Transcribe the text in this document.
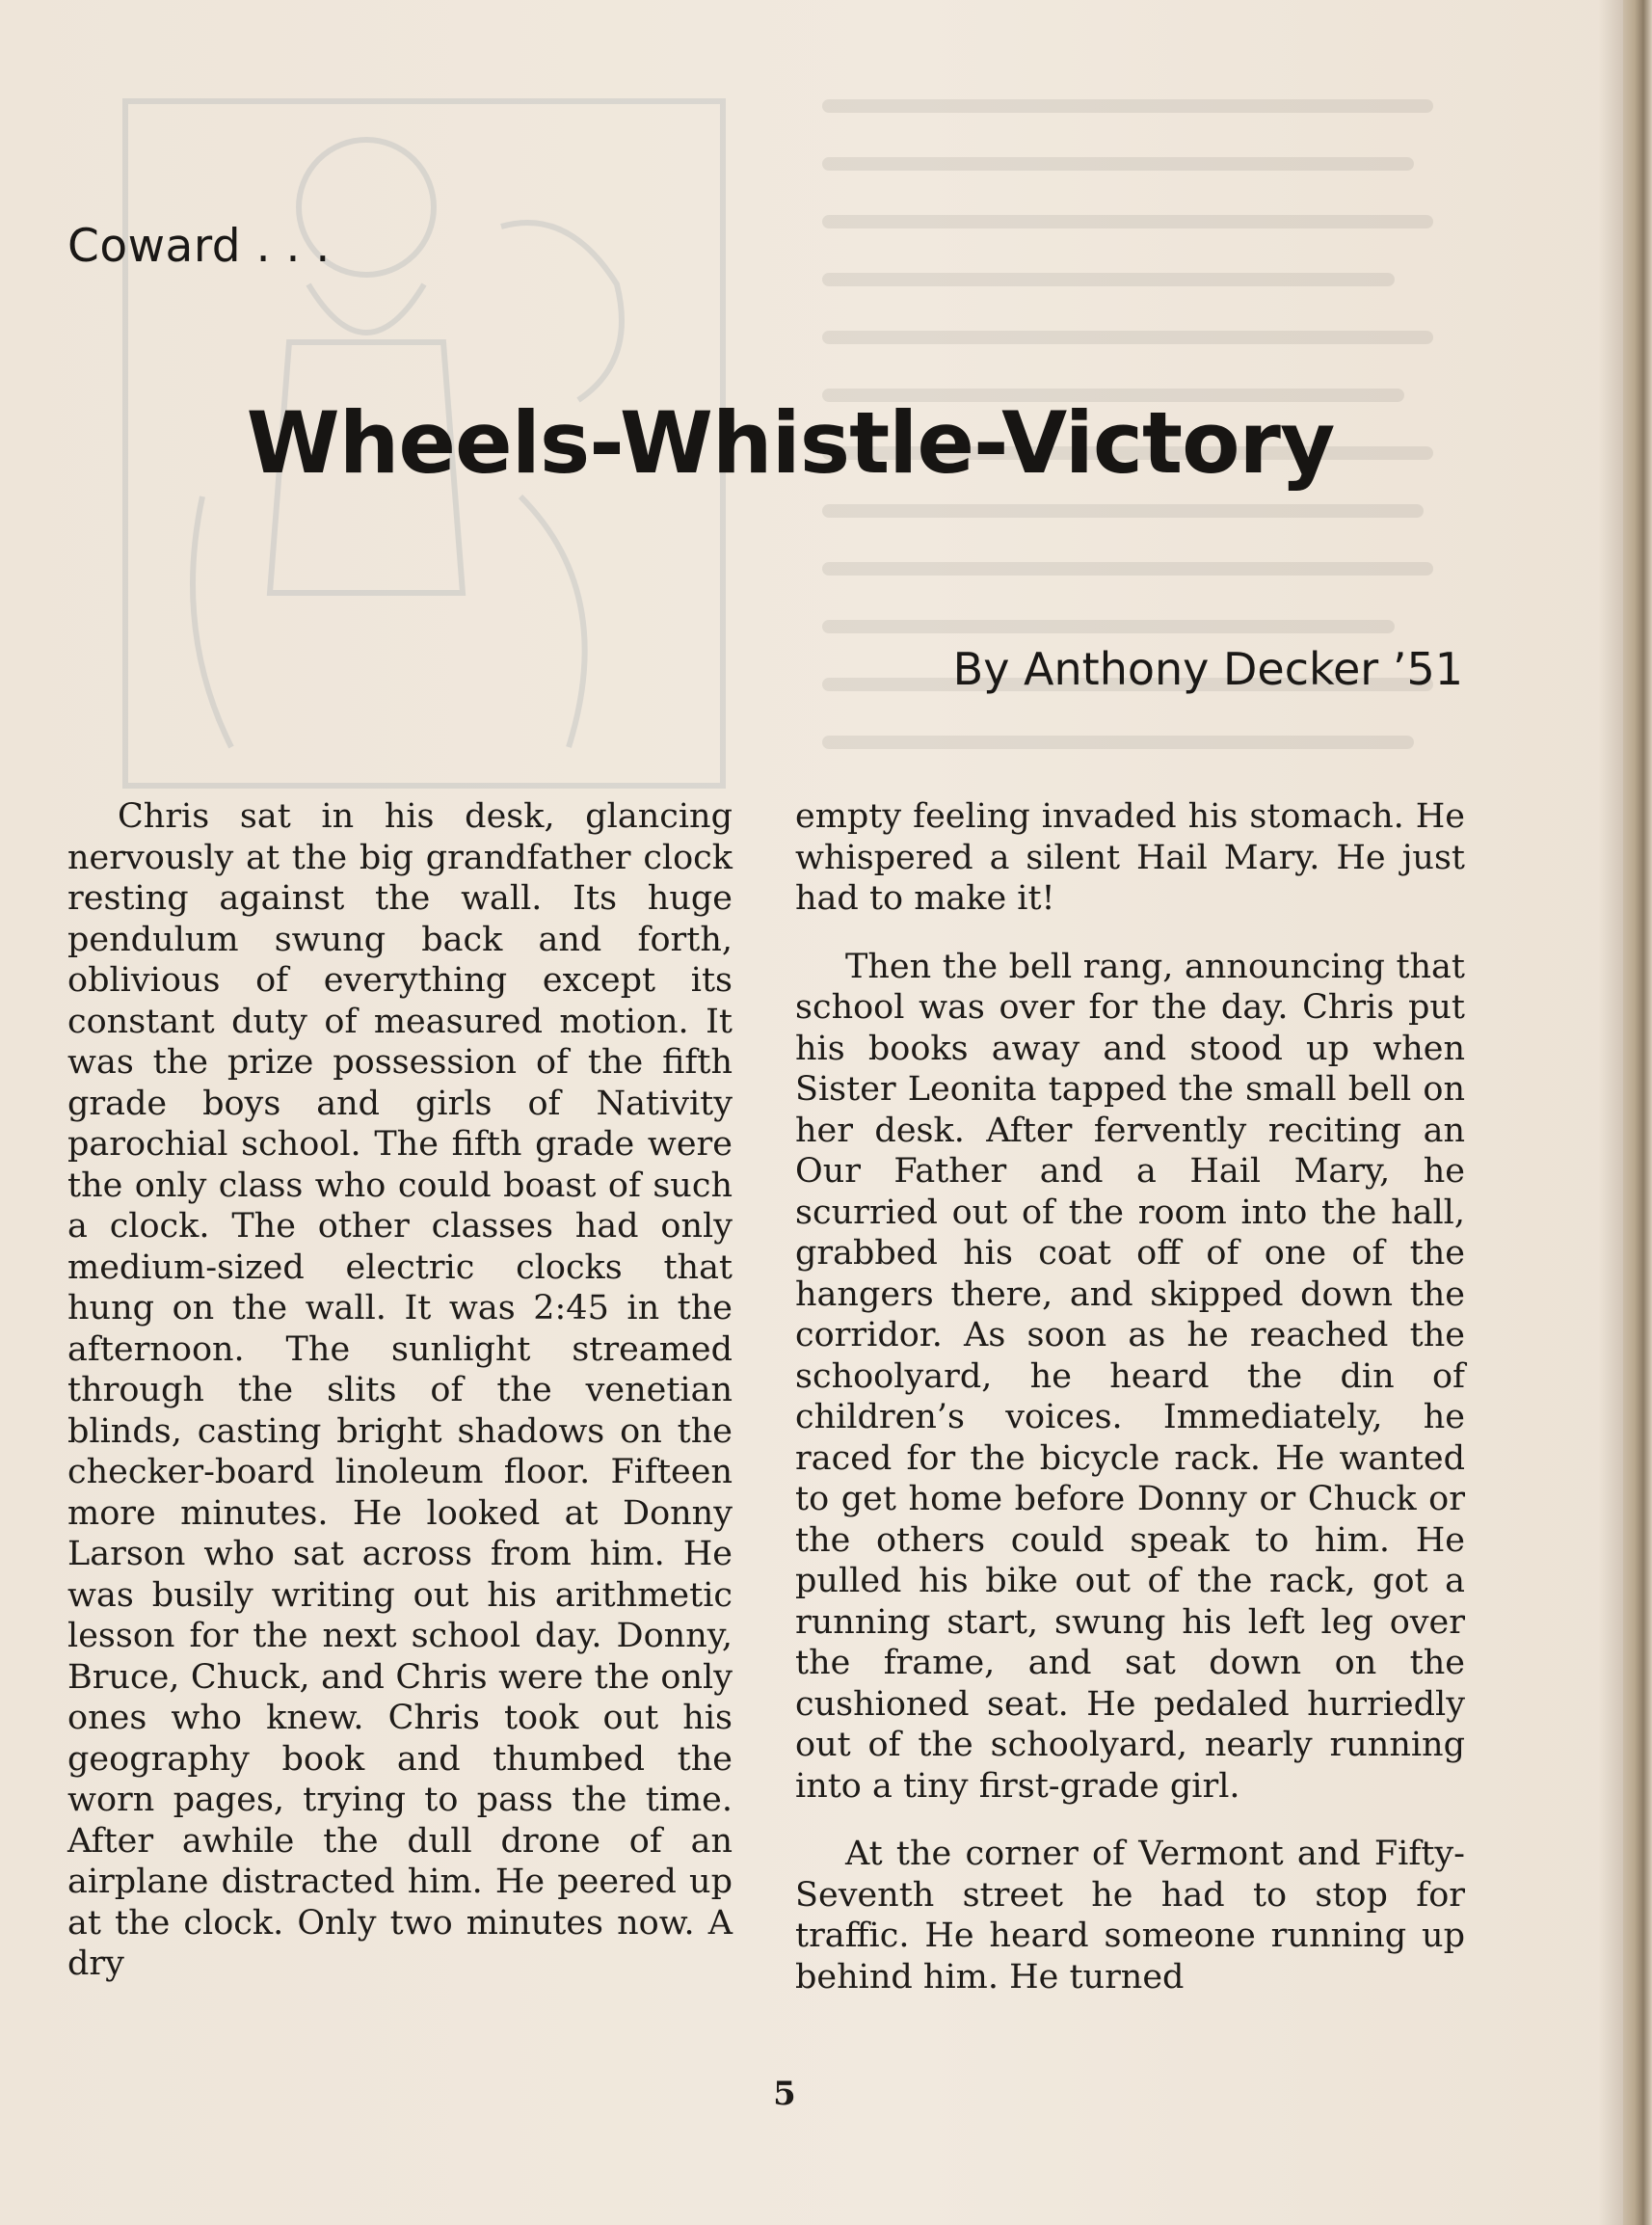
Coward . . .
Wheels-Whistle-Victory
By Anthony Decker ’51

Chris sat in his desk, glancing nervously at the big grandfather clock resting against the wall. Its huge pendulum swung back and forth, oblivious of everything except its constant duty of measured motion. It was the prize possession of the fifth grade boys and girls of Nativity parochial school. The fifth grade were the only class who could boast of such a clock. The other classes had only medium-sized electric clocks that hung on the wall. It was 2:45 in the afternoon. The sunlight streamed through the slits of the venetian blinds, casting bright shadows on the checker-board linoleum floor. Fifteen more minutes. He looked at Donny Larson who sat across from him. He was busily writing out his arithmetic lesson for the next school day. Donny, Bruce, Chuck, and Chris were the only ones who knew. Chris took out his geography book and thumbed the worn pages, trying to pass the time. After awhile the dull drone of an airplane distracted him. He peered up at the clock. Only two minutes now. A dry

empty feeling invaded his stomach. He whispered a silent Hail Mary. He just had to make it!

Then the bell rang, announcing that school was over for the day. Chris put his books away and stood up when Sister Leonita tapped the small bell on her desk. After fervently reciting an Our Father and a Hail Mary, he scurried out of the room into the hall, grabbed his coat off of one of the hangers there, and skipped down the corridor. As soon as he reached the schoolyard, he heard the din of children’s voices. Immediately, he raced for the bicycle rack. He wanted to get home before Donny or Chuck or the others could speak to him. He pulled his bike out of the rack, got a running start, swung his left leg over the frame, and sat down on the cushioned seat. He pedaled hurriedly out of the schoolyard, nearly running into a tiny first-grade girl.

At the corner of Vermont and Fifty-Seventh street he had to stop for traffic. He heard someone running up behind him. He turned

5
